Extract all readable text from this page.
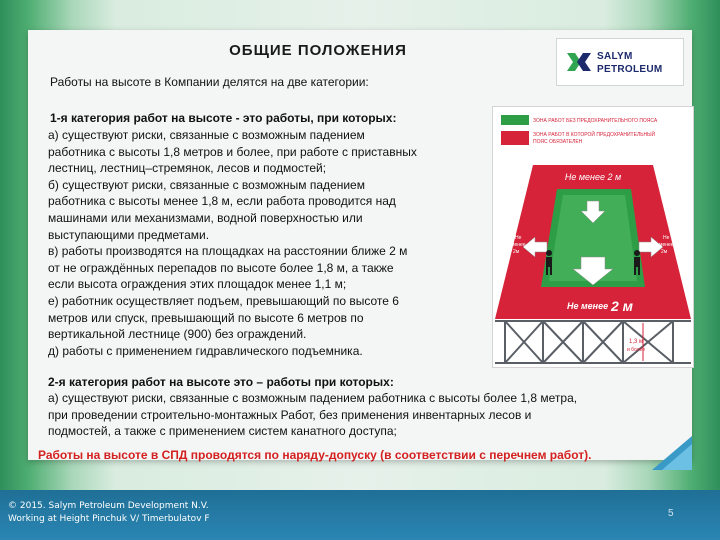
ОБЩИЕ ПОЛОЖЕНИЯ	SALYM
PETROLEUM
Работы на высоте в Компании делятся на две категории:
1-я категория работ на высоте - это работы, при которых:
а) существуют риски, связанные с возможным падением
работника с высоты 1,8 метров и более, при работе с приставных
лестниц, лестниц–стремянок, лесов и подмостей;
б) существуют риски, связанные с возможным падением
работника с высоты менее 1,8 м, если работа проводится над
машинами или механизмами, водной поверхностью или
выступающими предметами.
в) работы производятся на площадках на расстоянии ближе 2 м
от не ограждённых перепадов по высоте более 1,8 м, а также
если высота ограждения этих площадок менее 1,1 м;
е) работник осуществляет подъем, превышающий по высоте 6
метров или спуск, превышающий по высоте 6 метров по
вертикальной лестнице (900) без ограждений.
д) работы с применением гидравлического подъемника.
ЗОНА РАБОТ БЕЗ ПРЕДОХРАНИТЕЛЬНОГО ПОЯСА
ЗОНА РАБОТ В КОТОРОЙ ПРЕДОХРАНИТЕЛЬНЫЙ
ПОЯС ОБЯЗАТЕЛЕН
Не менее 2 м
Не
менее
2м
Не
менее
2м
Не менее 2 м
1,3 м
и более
2-я категория работ на высоте это – работы при которых:
а) существуют риски, связанные с возможным падением работника с высоты более 1,8 метра,
при проведении строительно-монтажных Работ, без применения инвентарных лесов и
подмостей, а также с применением систем канатного доступа;
Работы на высоте в СПД проводятся по наряду-допуску (в соответствии с перечнем работ).
© 2015. Salym Petroleum Development N.V.
Working at Height Pinchuk V/ Timerbulatov F	5
